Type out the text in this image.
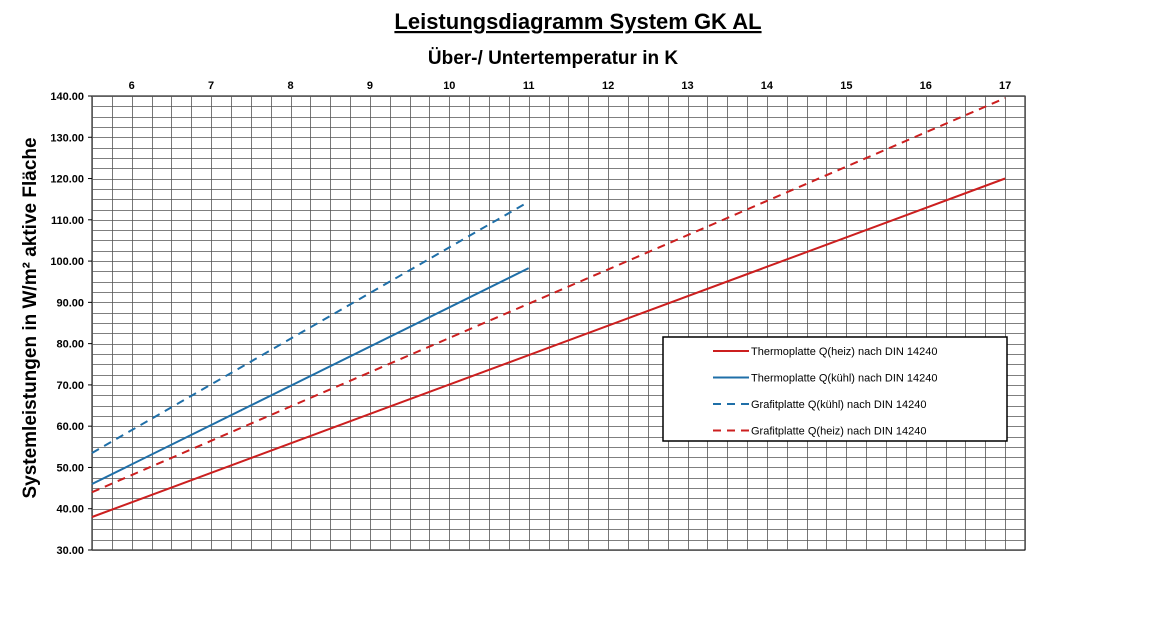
Leistungsdiagramm System GK AL
Über-/ Untertemperatur in K
Systemleistungen in W/m² aktive Fläche
30.00
40.00
50.00
60.00
70.00
80.00
90.00
100.00
110.00
120.00
130.00
140.00
6	7	8	9	10	11	12	13	14	15	16	17
Thermoplatte Q(heiz) nach DIN 14240
Thermoplatte Q(kühl) nach DIN 14240
Grafitplatte Q(kühl) nach DIN 14240
Grafitplatte Q(heiz) nach DIN 14240
